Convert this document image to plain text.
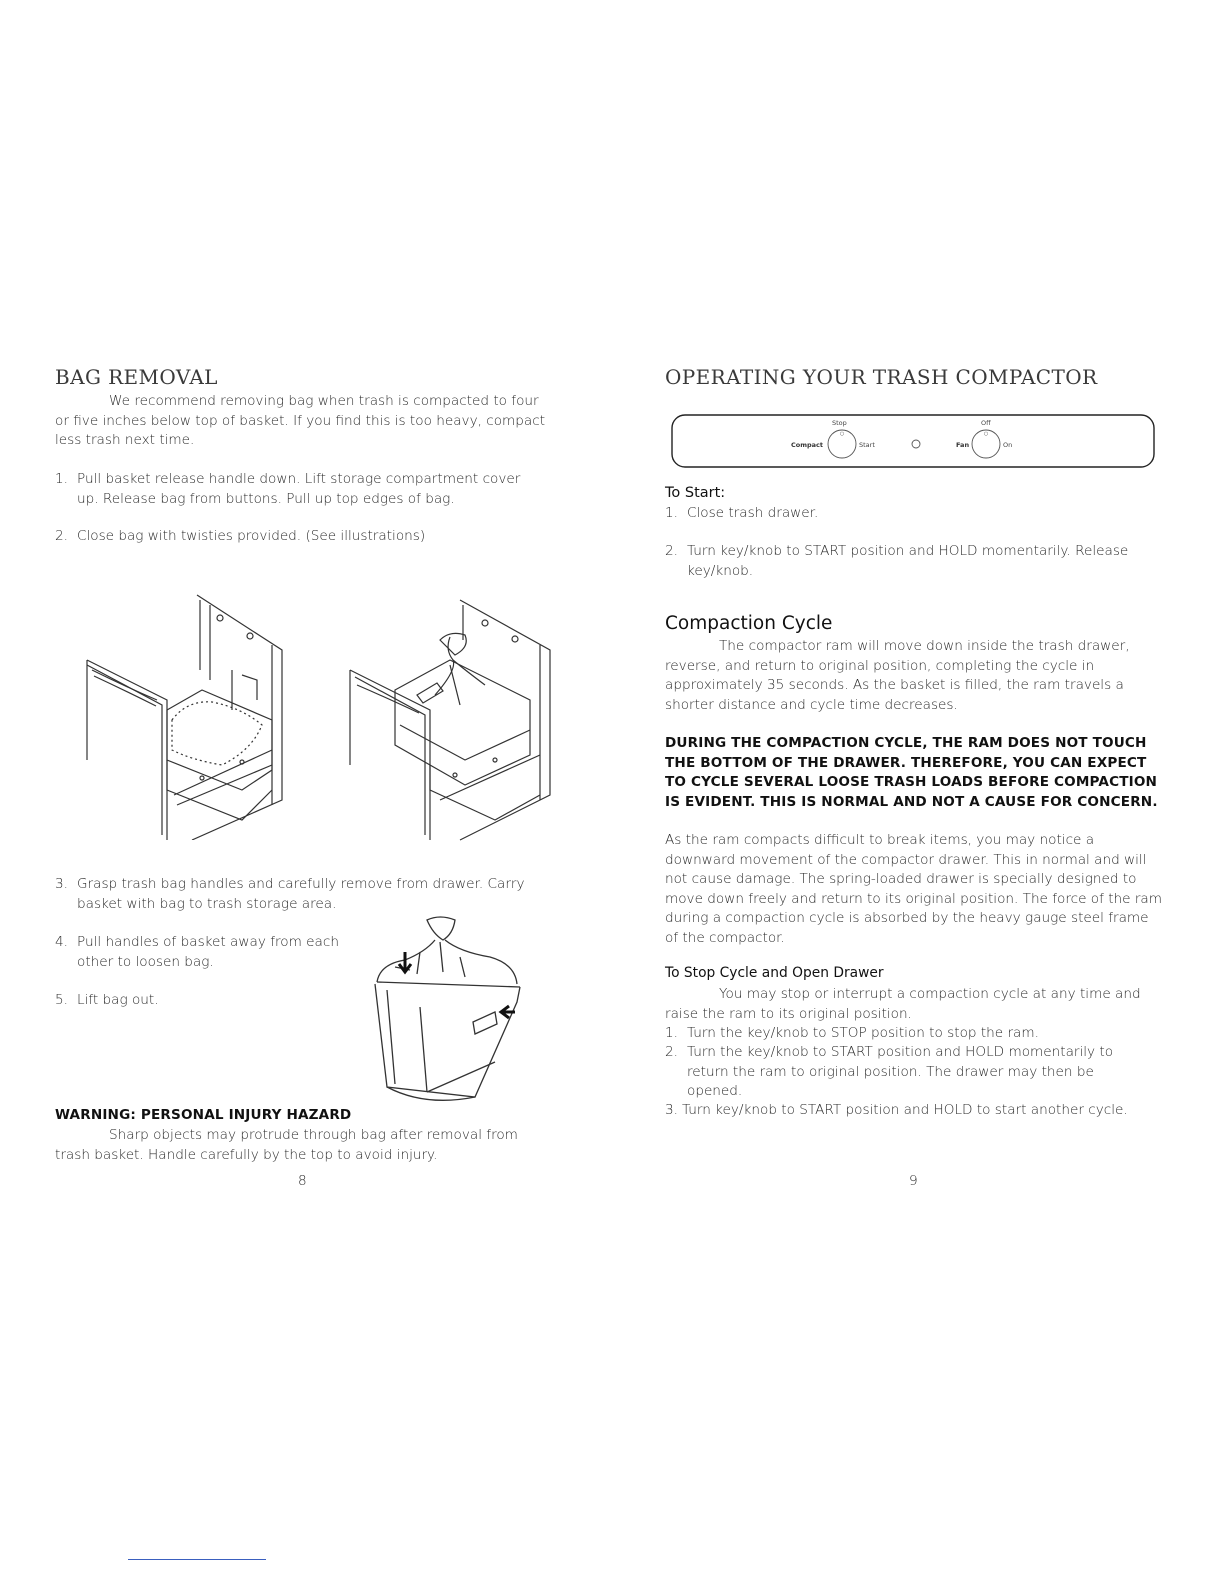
BAG REMOVAL
We recommend removing bag when trash is compacted to four or five inches below top of basket. If you find this is too heavy, compact less trash next time.
1. Pull basket release handle down. Lift storage compartment cover up. Release bag from buttons. Pull up top edges of bag.
2. Close bag with twisties provided. (See illustrations)
3. Grasp trash bag handles and carefully remove from drawer. Carry basket with bag to trash storage area.
4. Pull handles of basket away from each other to loosen bag.
5. Lift bag out.
WARNING: PERSONAL INJURY HAZARD
Sharp objects may protrude through bag after removal from trash basket. Handle carefully by the top to avoid injury.
8
OPERATING YOUR TRASH COMPACTOR
○	○
Stop
Compact	Start
Off
Fan	On
To Start:
1. Close trash drawer.
2. Turn key/knob to START position and HOLD momentarily. Release key/knob.
Compaction Cycle
The compactor ram will move down inside the trash drawer, reverse, and return to original position, completing the cycle in approximately 35 seconds. As the basket is filled, the ram travels a shorter distance and cycle time decreases.
DURING THE COMPACTION CYCLE, THE RAM DOES NOT TOUCH THE BOTTOM OF THE DRAWER. THEREFORE, YOU CAN EXPECT TO CYCLE SEVERAL LOOSE TRASH LOADS BEFORE COMPACTION IS EVIDENT. THIS IS NORMAL AND NOT A CAUSE FOR CONCERN.
As the ram compacts difficult to break items, you may notice a downward movement of the compactor drawer. This in normal and will not cause damage. The spring-loaded drawer is specially designed to move down freely and return to its original position. The force of the ram during a compaction cycle is absorbed by the heavy gauge steel frame of the compactor.
To Stop Cycle and Open Drawer
You may stop or interrupt a compaction cycle at any time and raise the ram to its original position.
1. Turn the key/knob to STOP position to stop the ram.
2. Turn the key/knob to START position and HOLD momentarily to return the ram to original position. The drawer may then be opened.
3. Turn key/knob to START position and HOLD to start another cycle.
9
